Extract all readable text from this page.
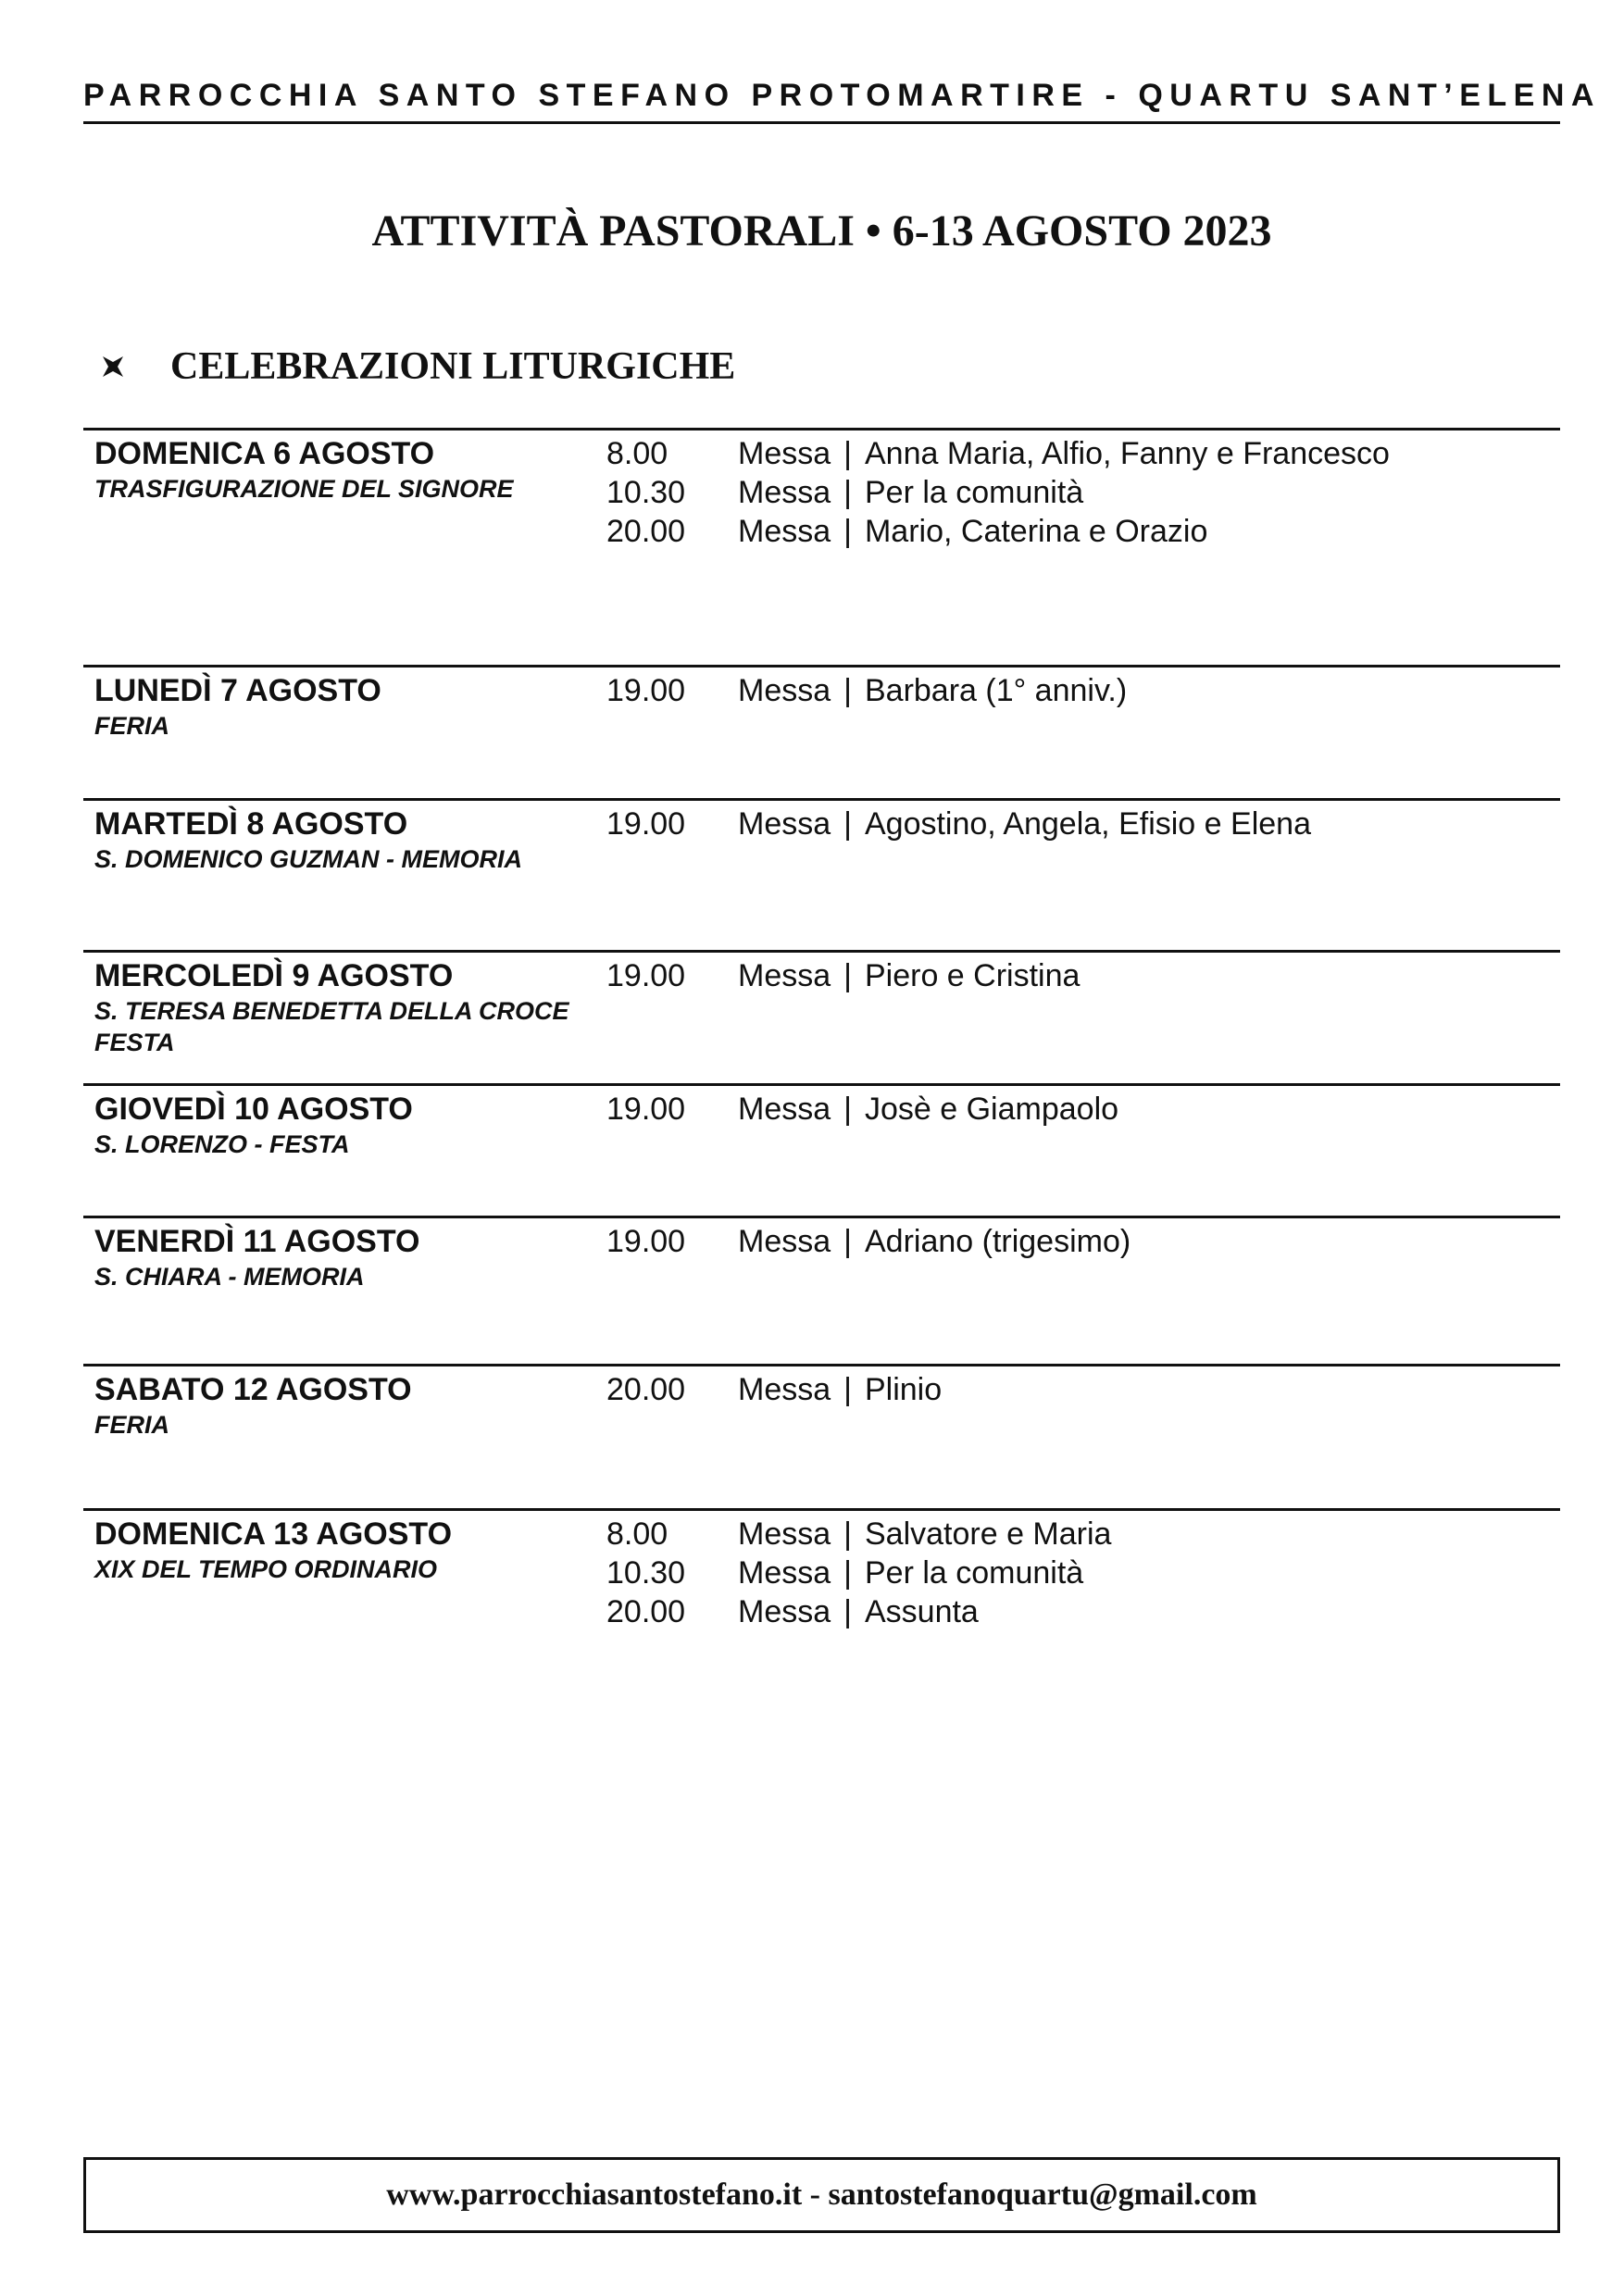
PARROCCHIA SANTO STEFANO PROTOMARTIRE - QUARTU SANT’ELENA
ATTIVITÀ PASTORALI • 6-13 AGOSTO 2023
CELEBRAZIONI LITURGICHE
DOMENICA 6 AGOSTO
TRASFIGURAZIONE DEL SIGNORE
8.00	Messa | Anna Maria, Alfio, Fanny e Francesco
10.30	Messa | Per la comunità
20.00	Messa | Mario, Caterina e Orazio
LUNEDÌ 7 AGOSTO
FERIA
19.00	Messa | Barbara (1° anniv.)
MARTEDÌ 8 AGOSTO
S. DOMENICO GUZMAN - MEMORIA
19.00	Messa | Agostino, Angela, Efisio e Elena
MERCOLEDÌ 9 AGOSTO
S. TERESA BENEDETTA DELLA CROCE
FESTA
19.00	Messa | Piero e Cristina
GIOVEDÌ 10 AGOSTO
S. LORENZO - FESTA
19.00	Messa | Josè e Giampaolo
VENERDÌ 11 AGOSTO
S. CHIARA - MEMORIA
19.00	Messa | Adriano (trigesimo)
SABATO 12 AGOSTO
FERIA
20.00	Messa | Plinio
DOMENICA 13 AGOSTO
XIX DEL TEMPO ORDINARIO
8.00	Messa | Salvatore e Maria
10.30	Messa | Per la comunità
20.00	Messa | Assunta
www.parrocchiasantostefano.it - santostefanoquartu@gmail.com
